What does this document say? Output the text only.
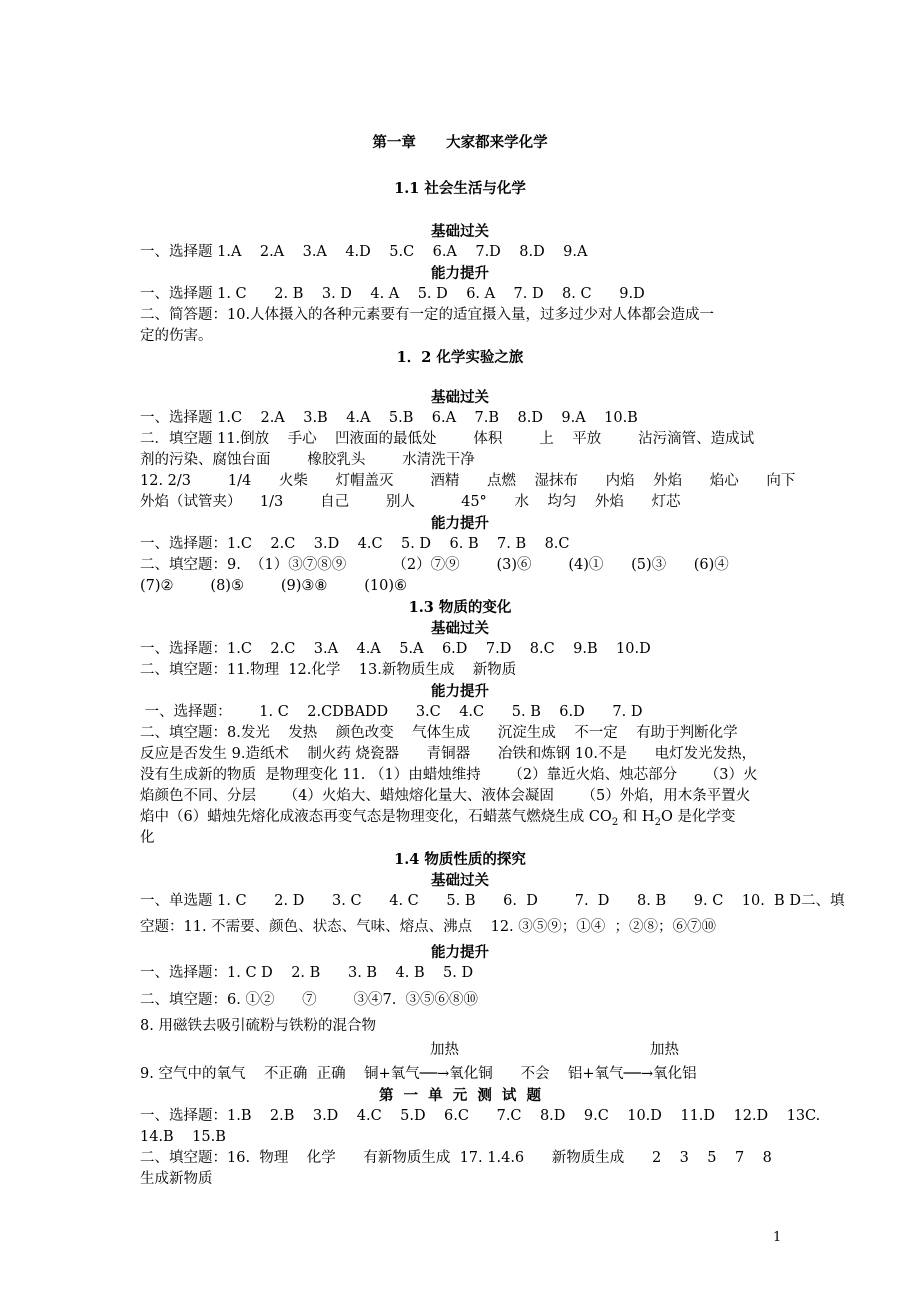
第一章      大家都来学化学

1.1 社会生活与化学

基础过关

一、选择题 1.A    2.A    3.A    4.D    5.C    6.A    7.D    8.D    9.A

能力提升

一、选择题 1. C      2. B    3. D    4. A    5. D    6. A    7. D    8. C      9.D

二、简答题：10.人体摄入的各种元素要有一定的适宜摄入量，过多过少对人体都会造成一

定的伤害。

1．2 化学实验之旅

基础过关

一、选择题 1.C    2.A    3.B    4.A    5.B    6.A    7.B    8.D    9.A    10.B

二．填空题 11.倒放    手心    凹液面的最低处        体积        上    平放        沾污滴管、造成试

剂的污染、腐蚀台面        橡胶乳头        水清洗干净

12. 2/3        1/4      火柴      灯帽盖灭        酒精      点燃    湿抹布      内焰    外焰      焰心      向下

外焰（试管夹）    1/3        自己        别人          45°      水    均匀    外焰      灯芯

能力提升

一、选择题：1.C    2.C    3.D    4.C    5. D    6. B    7. B    8.C

二、填空题：9.  （1）③⑦⑧⑨          （2）⑦⑨        (3)⑥        (4)①      (5)③      (6)④

(7)②        (8)⑤        (9)③⑧        (10)⑥

1.3 物质的变化

基础过关

一、选择题：1.C    2.C    3.A    4.A    5.A    6.D    7.D    8.C    9.B    10.D

二、填空题：11.物理  12.化学    13.新物质生成    新物质

能力提升

一、选择题：      1. C    2.CDBADD      3.C    4.C      5. B    6.D      7. D

二、填空题：8.发光    发热    颜色改变    气体生成      沉淀生成    不一定    有助于判断化学

反应是否发生 9.造纸术    制火药 烧瓷器      青铜器      冶铁和炼钢 10.不是      电灯发光发热，

没有生成新的物质  是物理变化 11. （1）由蜡烛维持      （2）靠近火焰、烛芯部分      （3）火

焰颜色不同、分层      （4）火焰大、蜡烛熔化量大、液体会凝固      （5）外焰，用木条平置火

焰中（6）蜡烛先熔化成液态再变气态是物理变化，石蜡蒸气燃烧生成 $CO_2$ 和 $H_2O$ 是化学变

化

1.4 物质性质的探究

基础过关

一、单选题 1. C      2. D      3. C      4. C      5. B      6.  D        7.  D      8. B      9. C    10.  B D二、填

空题：11. 不需要、颜色、状态、气味、熔点、沸点    12. ③⑤⑨；①④  ；②⑧；⑥⑦⑩

能力提升

一、选择题：1. C D    2. B      3. B    4. B    5. D

二、填空题：6. ①②      ⑦        ③④7.  ③⑤⑥⑧⑩

8. 用磁铁去吸引硫粉与铁粉的混合物

加热	加热

9. 空气中的氧气    不正确  正确    铜+氧气──→氧化铜      不会    铝+氧气──→氧化铝

第  一  单  元  测  试  题

一、选择题：1.B    2.B    3.D    4.C    5.D    6.C      7.C    8.D    9.C    10.D    11.D    12.D    13C.

14.B    15.B

二、填空题：16.  物理    化学      有新物质生成  17. 1.4.6      新物质生成      2    3    5    7    8

生成新物质

1
